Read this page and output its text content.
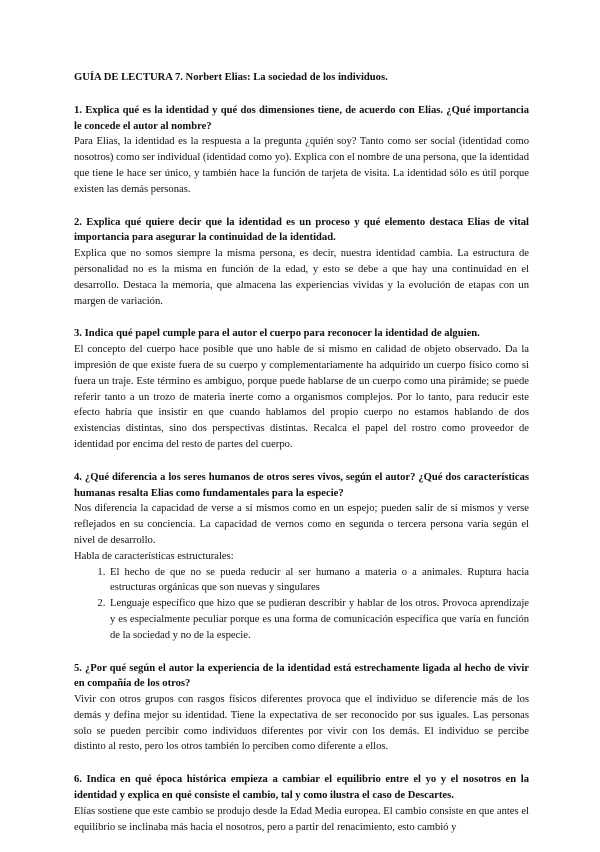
GUÍA DE LECTURA 7. Norbert Elias: La sociedad de los individuos.

1. Explica qué es la identidad y qué dos dimensiones tiene, de acuerdo con Elias. ¿Qué importancia le concede el autor al nombre?

Para Elias, la identidad es la respuesta a la pregunta ¿quién soy? Tanto como ser social (identidad como nosotros) como ser individual (identidad como yo). Explica con el nombre de una persona, que la identidad que tiene le hace ser único, y también hace la función de tarjeta de visita. La identidad sólo es útil porque existen las demás personas.

2. Explica qué quiere decir que la identidad es un proceso y qué elemento destaca Elias de vital importancia para asegurar la continuidad de la identidad.

Explica que no somos siempre la misma persona, es decir, nuestra identidad cambia. La estructura de personalidad no es la misma en función de la edad, y esto se debe a que hay una continuidad en el desarrollo. Destaca la memoria, que almacena las experiencias vividas y la evolución de etapas con un margen de variación.

3. Indica qué papel cumple para el autor el cuerpo para reconocer la identidad de alguien.

El concepto del cuerpo hace posible que uno hable de sí mismo en calidad de objeto observado. Da la impresión de que existe fuera de su cuerpo y complementariamente ha adquirido un cuerpo físico como si fuera un traje. Este término es ambiguo, porque puede hablarse de un cuerpo como una pirámide; se puede referir tanto a un trozo de materia inerte como a organismos complejos. Por lo tanto, para reducir este efecto habría que insistir en que cuando hablamos del propio cuerpo no estamos hablando de dos existencias distintas, sino dos perspectivas distintas. Recalca el papel del rostro como proveedor de identidad por encima del resto de partes del cuerpo.

4. ¿Qué diferencia a los seres humanos de otros seres vivos, según el autor? ¿Qué dos características humanas resalta Elias como fundamentales para la especie?

Nos diferencia la capacidad de verse a sí mismos como en un espejo; pueden salir de sí mismos y verse reflejados en su conciencia. La capacidad de vernos como en segunda o tercera persona varía según el nivel de desarrollo.

Habla de características estructurales:

1. El hecho de que no se pueda reducir al ser humano a materia o a animales. Ruptura hacia estructuras orgánicas que son nuevas y singulares
2. Lenguaje específico que hizo que se pudieran describir y hablar de los otros. Provoca aprendizaje y es especialmente peculiar porque es una forma de comunicación específica que varía en función de la sociedad y no de la especie.

5. ¿Por qué según el autor la experiencia de la identidad está estrechamente ligada al hecho de vivir en compañía de los otros?

Vivir con otros grupos con rasgos físicos diferentes provoca que el individuo se diferencie más de los demás y defina mejor su identidad. Tiene la expectativa de ser reconocido por sus iguales. Las personas solo se pueden percibir como individuos diferentes por vivir con los demás. El individuo se percibe distinto al resto, pero los otros también lo perciben como diferente a ellos.

6. Indica en qué época histórica empieza a cambiar el equilibrio entre el yo y el nosotros en la identidad y explica en qué consiste el cambio, tal y como ilustra el caso de Descartes.

Elías sostiene que este cambio se produjo desde la Edad Media europea. El cambio consiste en que antes el equilibrio se inclinaba más hacia el nosotros, pero a partir del renacimiento, esto cambió y
